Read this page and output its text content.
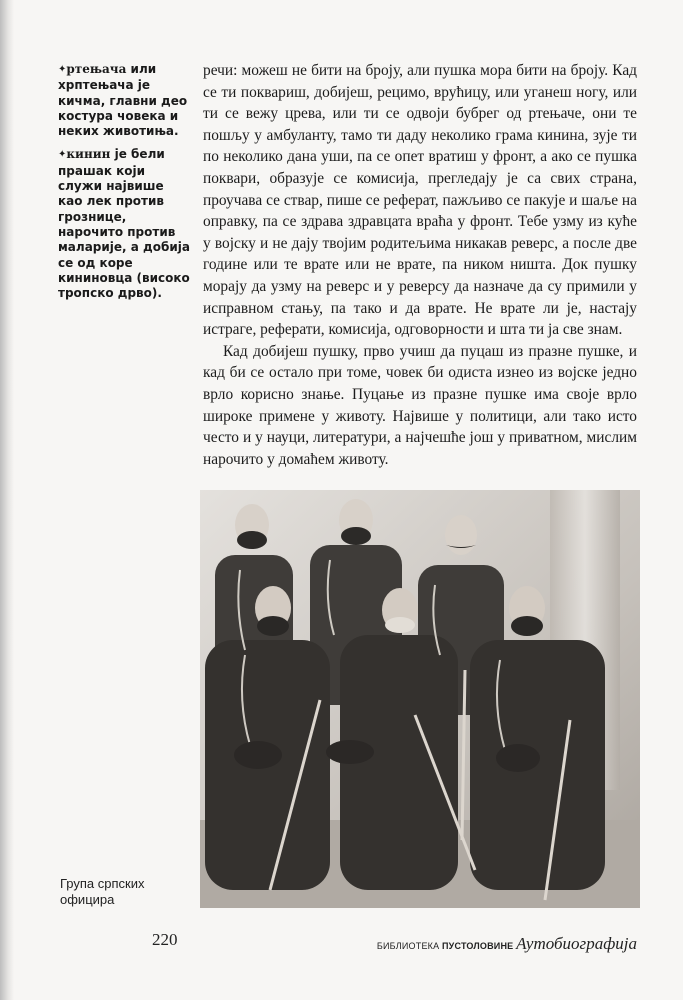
✦ртењача или хрптењача је кичма, главни део костура човека и неких животиња.

✦кинин је бели прашак који служи највише као лек против грознице, нарочито против маларије, а добија се од коре кининовца (високо тропско дрво).

речи: можеш не бити на броју, али пушка мора бити на броју. Кад се ти поквариш, добијеш, рецимо, врућицу, или уганеш ногу, или ти се вежу црева, или ти се одвоји бубрег од ртењаче, они те пошљу у амбуланту, тамо ти даду неколико грама кинина, зује ти по неколико дана уши, па се опет вратиш у фронт, а ако се пушка поквари, образује се комисија, прегледају је са свих страна, проучава се ствар, пише се реферат, пажљиво се пакује и шаље на оправку, па се здрава здравцата враћа у фронт. Тебе узму из куће у војску и не дају твојим родитељима никакав реверс, а после две године или те врате или не врате, па ником ништа. Док пушку морају да узму на реверс и у реверсу да назначе да су примили у исправном стању, па тако и да врате. Не врате ли је, настају истраге, реферати, комисија, одговорности и шта ти ја све знам.

Кад добијеш пушку, прво учиш да пуцаш из празне пушке, и кад би се остало при томе, човек би одиста изнео из војске једно врло корисно знање. Пуцање из празне пушке има своје врло широке примене у животу. Највише у политици, али тако исто често и у науци, литератури, а најчешће још у приватном, мислим нарочито у домаћем животу.

Група српских официра
220	БИБЛИОТЕКА ПУСТОЛОВИНЕ Аутобиографија
